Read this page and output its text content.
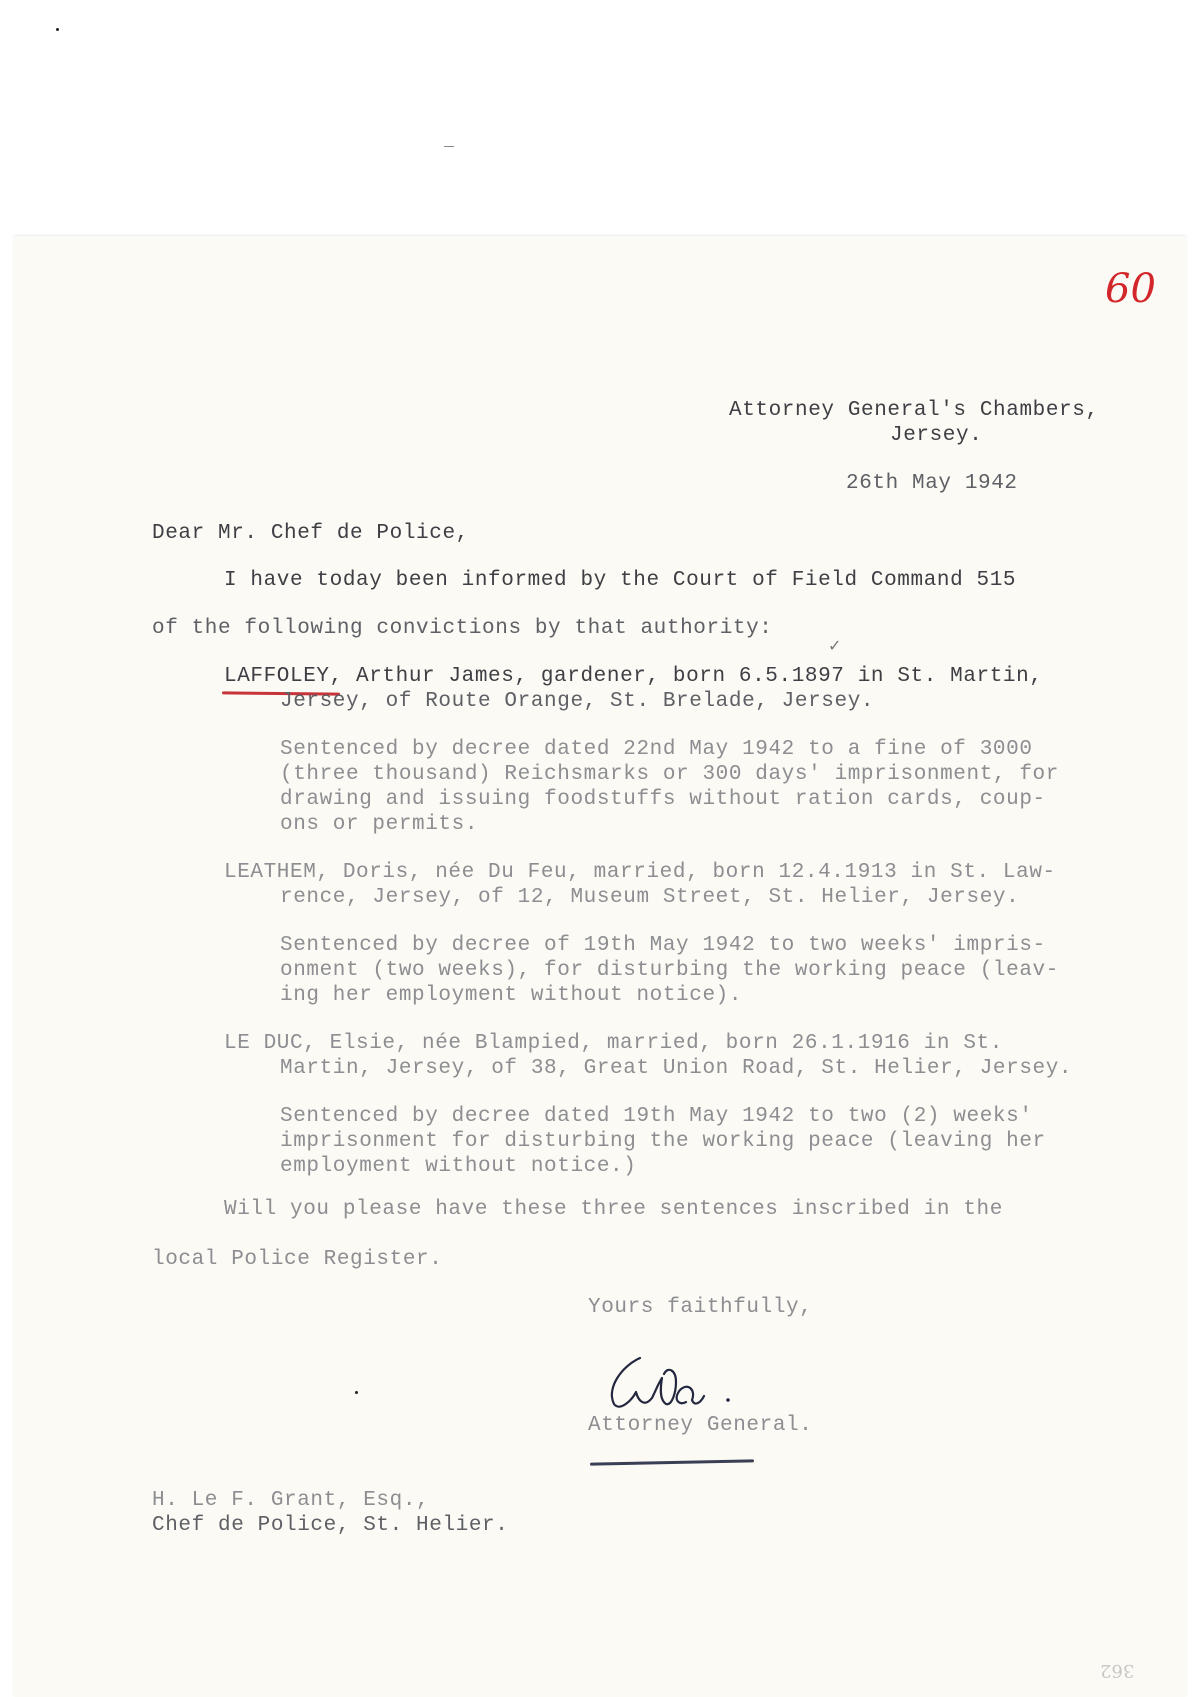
60
Attorney General's Chambers,
Jersey.
26th May 1942
Dear Mr. Chef de Police,
I have today been informed by the Court of Field Command 515
of the following convictions by that authority:
LAFFOLEY, Arthur James, gardener, born 6.5.1897 in St. Martin,
✓
Jersey, of Route Orange, St. Brelade, Jersey.
Sentenced by decree dated 22nd May 1942 to a fine of 3000
(three thousand) Reichsmarks or 300 days' imprisonment, for
drawing and issuing foodstuffs without ration cards, coup-
ons or permits.
LEATHEM, Doris, née Du Feu, married, born 12.4.1913 in St. Law-
rence, Jersey, of 12, Museum Street, St. Helier, Jersey.
Sentenced by decree of 19th May 1942 to two weeks' impris-
onment (two weeks), for disturbing the working peace (leav-
ing her employment without notice).
LE DUC, Elsie, née Blampied, married, born 26.1.1916 in St.
Martin, Jersey, of 38, Great Union Road, St. Helier, Jersey.
Sentenced by decree dated 19th May 1942 to two (2) weeks'
imprisonment for disturbing the working peace (leaving her
employment without notice.)
Will you please have these three sentences inscribed in the
local Police Register.
Yours faithfully,
Attorney General.
H. Le F. Grant, Esq.,
Chef de Police, St. Helier.
362
